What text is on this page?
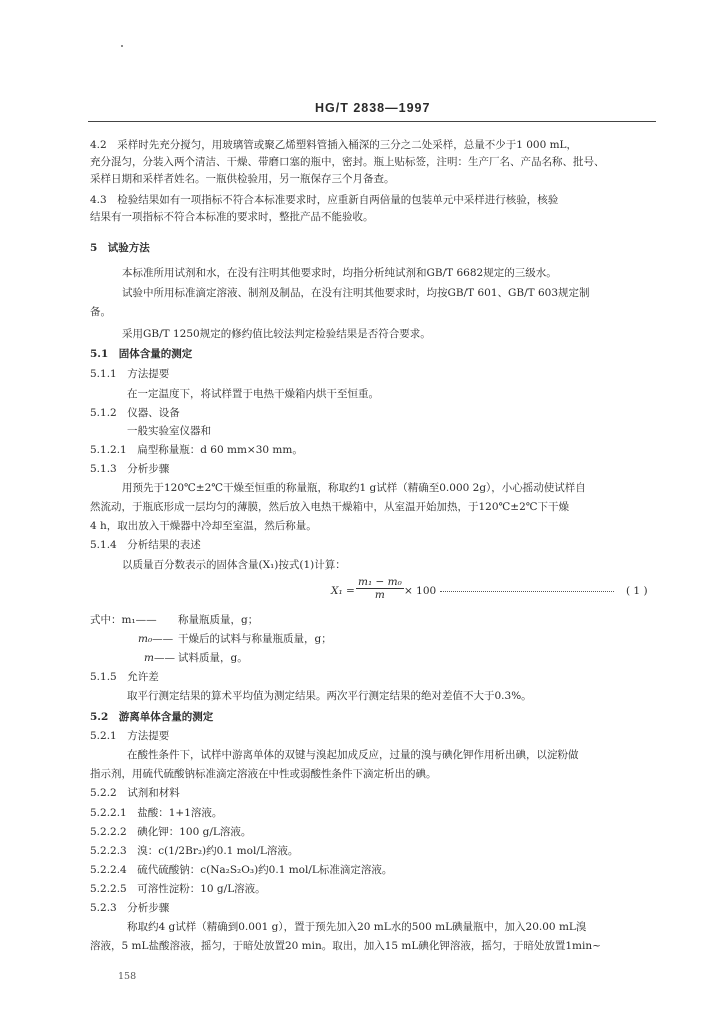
HG/T 2838—1997
4.2　采样时先充分搅匀，用玻璃管或聚乙烯塑料管插入桶深的三分之二处采样，总量不少于1 000 mL，
充分混匀，分装入两个清洁、干燥、带磨口塞的瓶中，密封。瓶上贴标签，注明：生产厂名、产品名称、批号、
采样日期和采样者姓名。一瓶供检验用，另一瓶保存三个月备查。
4.3　检验结果如有一项指标不符合本标准要求时，应重新自两倍量的包装单元中采样进行核验，核验
结果有一项指标不符合本标准的要求时，整批产品不能验收。
5　试验方法
本标准所用试剂和水，在没有注明其他要求时，均指分析纯试剂和GB/T 6682规定的三级水。
试验中所用标准滴定溶液、制剂及制品，在没有注明其他要求时，均按GB/T 601、GB/T 603规定制
备。
采用GB/T 1250规定的修约值比较法判定检验结果是否符合要求。
5.1　固体含量的测定
5.1.1　方法提要
在一定温度下，将试样置于电热干燥箱内烘干至恒重。
5.1.2　仪器、设备
一般实验室仪器和
5.1.2.1　扁型称量瓶：d 60 mm×30 mm。
5.1.3　分析步骤
用预先于120℃±2℃干燥至恒重的称量瓶，称取约1 g试样（精确至0.000 2g），小心摇动使试样自
然流动，于瓶底形成一层均匀的薄膜，然后放入电热干燥箱中，从室温开始加热，于120℃±2℃下干燥
4 h，取出放入干燥器中冷却至室温，然后称量。
5.1.4　分析结果的表述
以质量百分数表示的固体含量(X₁)按式(1)计算：
$X_1 = \frac{\text{m₁ − m₀}}{m} \times 100$	( 1 )
式中：m₁—— 称量瓶质量，g；
m₀—— 干燥后的试料与称量瓶质量，g；
m—— 试料质量，g。
5.1.5　允许差
取平行测定结果的算术平均值为测定结果。两次平行测定结果的绝对差值不大于0.3%。
5.2　游离单体含量的测定
5.2.1　方法提要
在酸性条件下，试样中游离单体的双键与溴起加成反应，过量的溴与碘化钾作用析出碘，以淀粉做
指示剂，用硫代硫酸钠标准滴定溶液在中性或弱酸性条件下滴定析出的碘。
5.2.2　试剂和材料
5.2.2.1　盐酸：1+1溶液。
5.2.2.2　碘化钾：100 g/L溶液。
5.2.2.3　溴：c(1/2Br₂)约0.1 mol/L溶液。
5.2.2.4　硫代硫酸钠：c(Na₂S₂O₃)约0.1 mol/L标准滴定溶液。
5.2.2.5　可溶性淀粉：10 g/L溶液。
5.2.3　分析步骤
称取约4 g试样（精确到0.001 g），置于预先加入20 mL水的500 mL碘量瓶中，加入20.00 mL溴
溶液，5 mL盐酸溶液，摇匀，于暗处放置20 min。取出，加入15 mL碘化钾溶液，摇匀，于暗处放置1min~
158
